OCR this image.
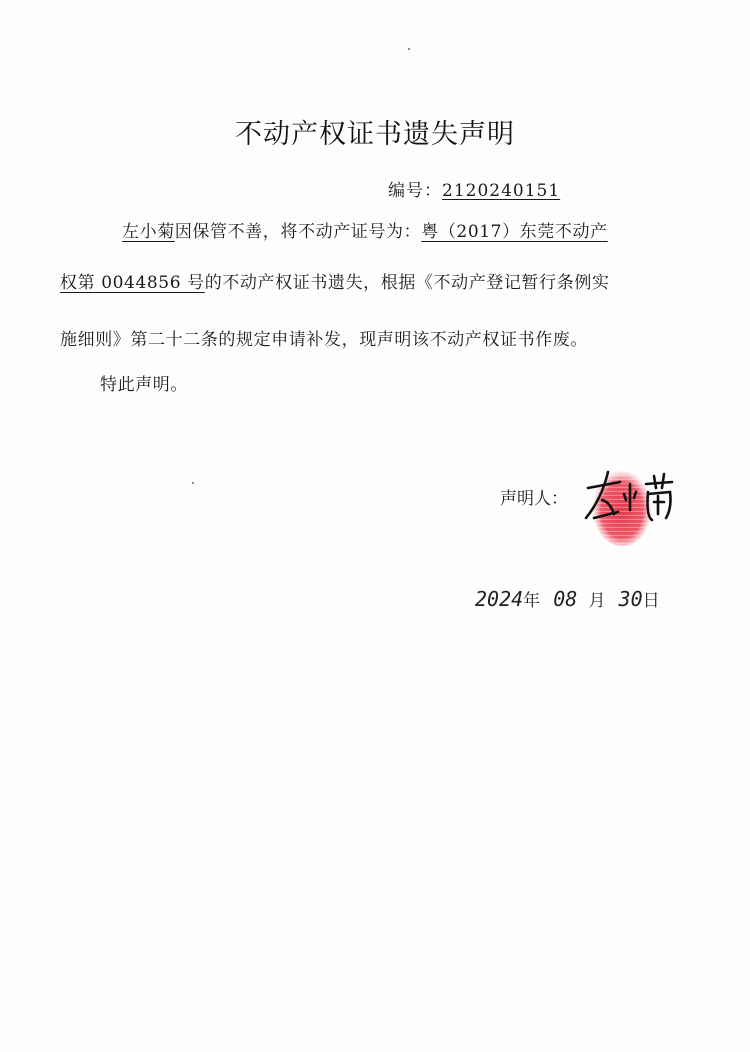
不动产权证书遗失声明
编号：2120240151
左小菊因保管不善，将不动产证号为：粤（2017）东莞不动产
权第 0044856 号的不动产权证书遗失，根据《不动产登记暂行条例实
施细则》第二十二条的规定申请补发，现声明该不动产权证书作废。
特此声明。
声明人：
2024年 08 月 30日
